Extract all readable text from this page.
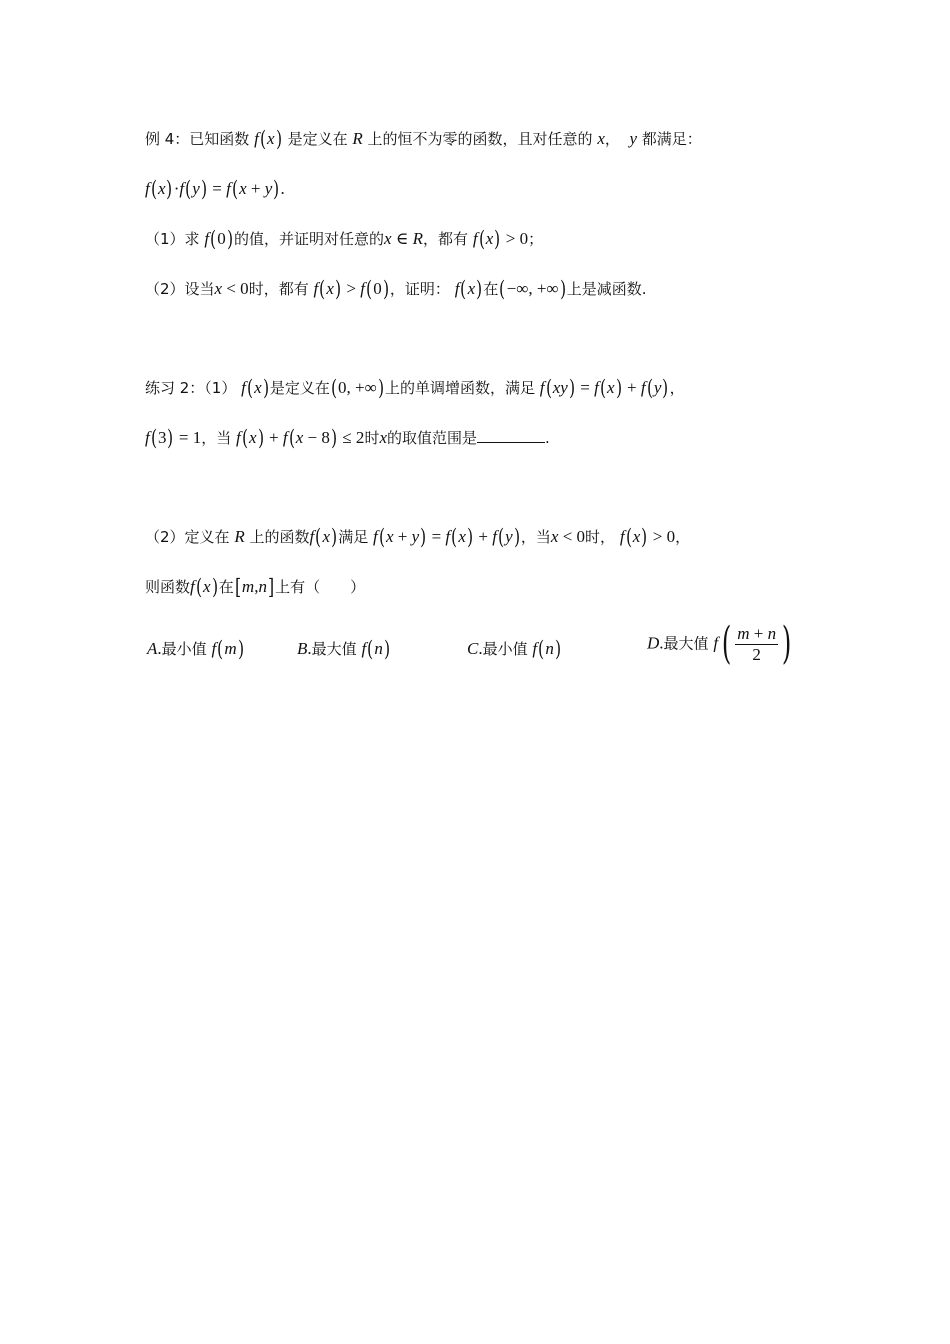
例 4：已知函数 f(x) 是定义在 R 上的恒不为零的函数，且对任意的 x， y 都满足：
f(x)·f(y) = f(x + y).
（1）求 f(0)的值，并证明对任意的x ∈ R，都有 f(x) > 0；
（2）设当x < 0时，都有 f(x) > f(0)，证明： f(x)在(−∞, +∞)上是减函数.
练习 2：（1） f(x)是定义在(0, +∞)上的单调增函数，满足 f(xy) = f(x) + f(y)，
f(3) = 1，当 f(x) + f(x − 8) ≤ 2时x的取值范围是	.
（2）定义在 R 上的函数f(x)满足 f(x + y) = f(x) + f(y)，当x < 0时， f(x) > 0，
则函数f(x)在[m,n]上有（　　）
A.最小值 f(m)	B.最大值 f(n)	C.最小值 f(n)	D.最大值 $f( \frac{m + n}{2}$ )
